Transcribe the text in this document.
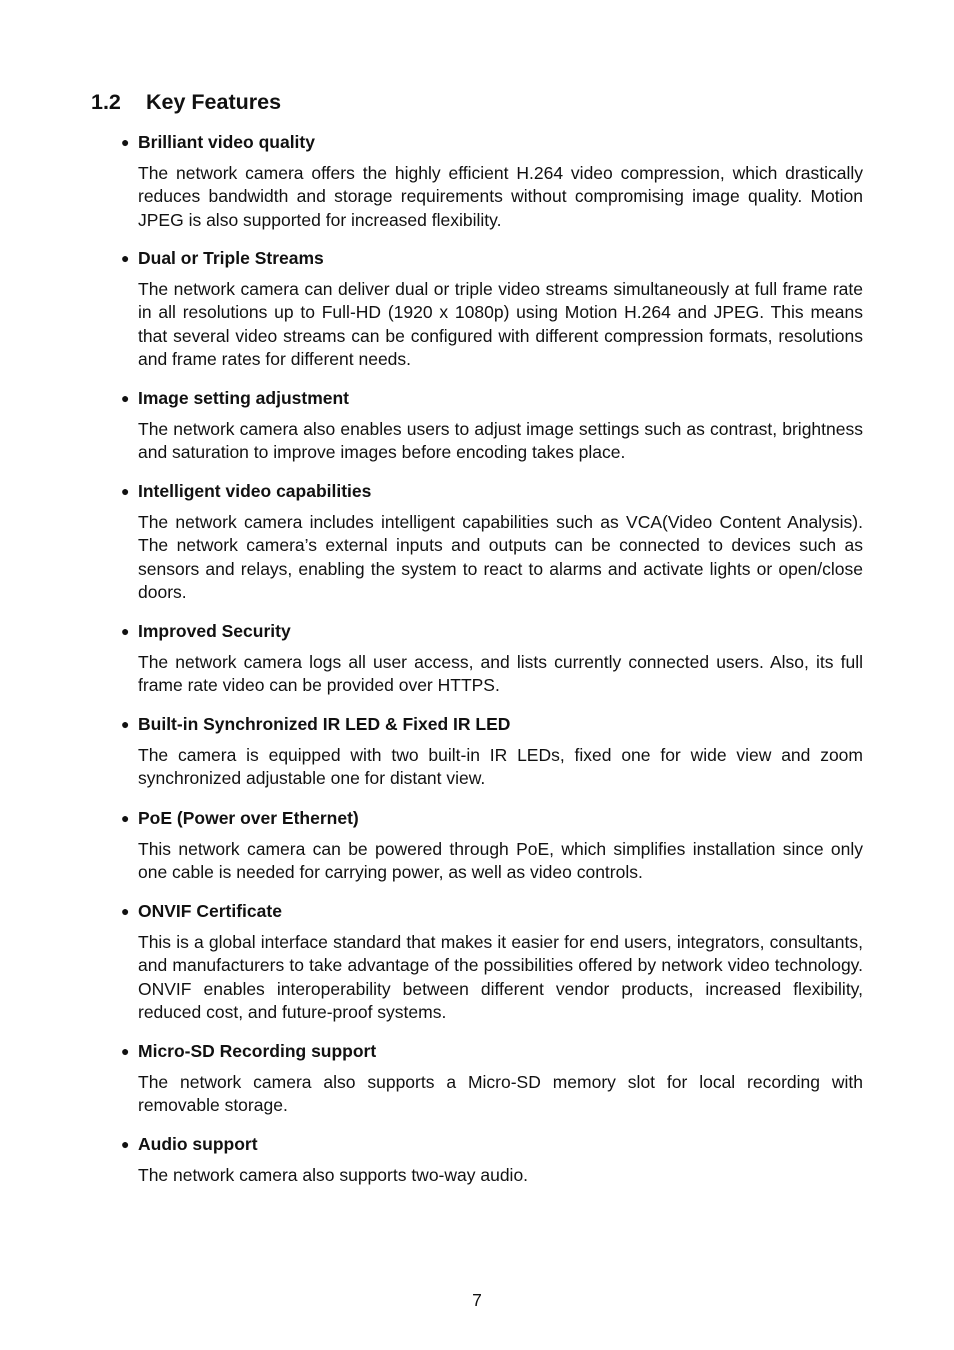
1.2 Key Features

● Brilliant video quality

The network camera offers the highly efficient H.264 video compression, which drastically reduces bandwidth and storage requirements without compromising image quality. Motion JPEG is also supported for increased flexibility.

● Dual or Triple Streams

The network camera can deliver dual or triple video streams simultaneously at full frame rate in all resolutions up to Full-HD (1920 x 1080p) using Motion H.264 and JPEG. This means that several video streams can be configured with different compression formats, resolutions and frame rates for different needs.

● Image setting adjustment

The network camera also enables users to adjust image settings such as contrast, brightness and saturation to improve images before encoding takes place.

● Intelligent video capabilities

The network camera includes intelligent capabilities such as VCA(Video Content Analysis). The network camera’s external inputs and outputs can be connected to devices such as sensors and relays, enabling the system to react to alarms and activate lights or open/close doors.

● Improved Security

The network camera logs all user access, and lists currently connected users. Also, its full frame rate video can be provided over HTTPS.

● Built-in Synchronized IR LED & Fixed IR LED

The camera is equipped with two built-in IR LEDs, fixed one for wide view and zoom synchronized adjustable one for distant view.

● PoE (Power over Ethernet)

This network camera can be powered through PoE, which simplifies installation since only one cable is needed for carrying power, as well as video controls.

● ONVIF Certificate

This is a global interface standard that makes it easier for end users, integrators, consultants, and manufacturers to take advantage of the possibilities offered by network video technology. ONVIF enables interoperability between different vendor products, increased flexibility, reduced cost, and future-proof systems.

● Micro-SD Recording support

The network camera also supports a Micro-SD memory slot for local recording with removable storage.

● Audio support

The network camera also supports two-way audio.

7
